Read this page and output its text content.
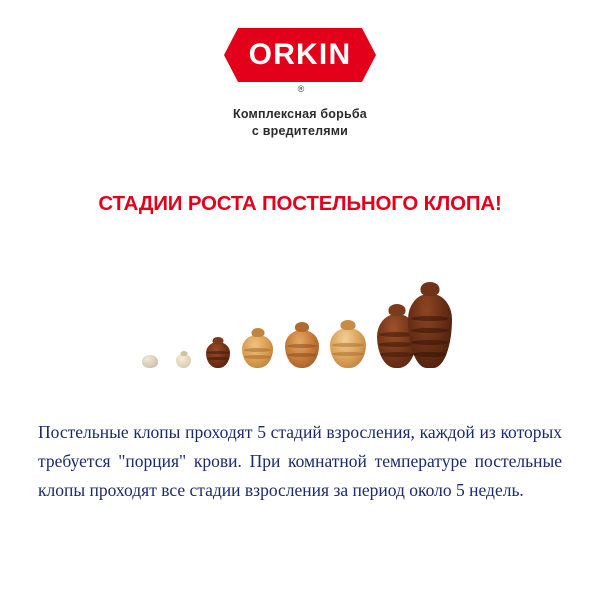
ORKIN
®
Комплексная борьба
с вредителями
СТАДИИ РОСТА ПОСТЕЛЬНОГО КЛОПА!
Постельные клопы проходят 5 стадий взросления, каждой из которых требуется "порция" крови. При комнатной температуре постельные клопы проходят все стадии взросления за период около 5 недель.
